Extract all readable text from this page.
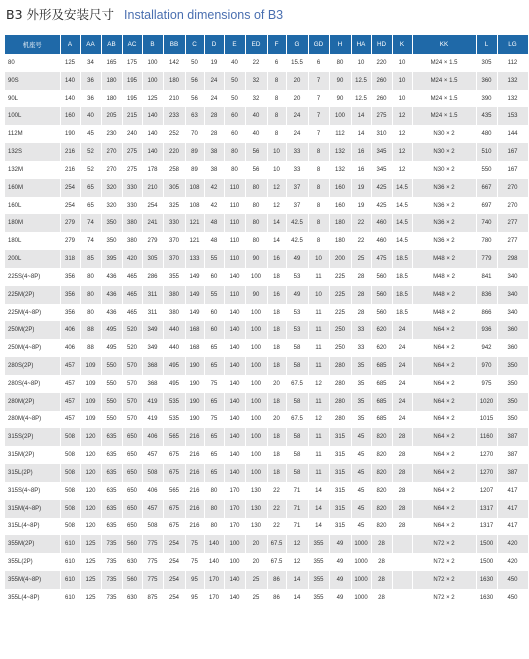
B3 外形及安装尺寸 Installation dimensions of B3
机座号	A	AA	AB	AC	B	BB	C	D	E	ED	F	G	GD	H	HA	HD	K	KK	L	LG
80	125	34	165	175	100	142	50	19	40	22	6	15.5	6	80	10	220	10	M24 × 1.5	305	112
90S	140	36	180	195	100	180	56	24	50	32	8	20	7	90	12.5	260	10	M24 × 1.5	360	132
90L	140	36	180	195	125	210	56	24	50	32	8	20	7	90	12.5	260	10	M24 × 1.5	390	132
100L	160	40	205	215	140	233	63	28	60	40	8	24	7	100	14	275	12	M24 × 1.5	435	153
112M	190	45	230	240	140	252	70	28	60	40	8	24	7	112	14	310	12	N30 × 2	480	144
132S	216	52	270	275	140	220	89	38	80	56	10	33	8	132	16	345	12	N30 × 2	510	167
132M	216	52	270	275	178	258	89	38	80	56	10	33	8	132	16	345	12	N30 × 2	550	167
160M	254	65	320	330	210	305	108	42	110	80	12	37	8	160	19	425	14.5	N36 × 2	667	270
160L	254	65	320	330	254	325	108	42	110	80	12	37	8	160	19	425	14.5	N36 × 2	697	270
180M	279	74	350	380	241	330	121	48	110	80	14	42.5	8	180	22	460	14.5	N36 × 2	740	277
180L	279	74	350	380	279	370	121	48	110	80	14	42.5	8	180	22	460	14.5	N36 × 2	780	277
200L	318	85	395	420	305	370	133	55	110	90	16	49	10	200	25	475	18.5	M48 × 2	779	298
225S(4~8P)	356	80	436	465	286	355	149	60	140	100	18	53	11	225	28	560	18.5	M48 × 2	841	340
225M(2P)	356	80	436	465	311	380	149	55	110	90	16	49	10	225	28	560	18.5	M48 × 2	836	340
225M(4~8P)	356	80	436	465	311	380	149	60	140	100	18	53	11	225	28	560	18.5	M48 × 2	866	340
250M(2P)	406	88	495	520	349	440	168	60	140	100	18	53	11	250	33	620	24	N64 × 2	936	360
250M(4~8P)	406	88	495	520	349	440	168	65	140	100	18	58	11	250	33	620	24	N64 × 2	942	360
280S(2P)	457	109	550	570	368	495	190	65	140	100	18	58	11	280	35	685	24	N64 × 2	970	350
280S(4~8P)	457	109	550	570	368	495	190	75	140	100	20	67.5	12	280	35	685	24	N64 × 2	975	350
280M(2P)	457	109	550	570	419	535	190	65	140	100	18	58	11	280	35	685	24	N64 × 2	1020	350
280M(4~8P)	457	109	550	570	419	535	190	75	140	100	20	67.5	12	280	35	685	24	N64 × 2	1015	350
315S(2P)	508	120	635	650	406	565	216	65	140	100	18	58	11	315	45	820	28	N64 × 2	1160	387
315M(2P)	508	120	635	650	457	675	216	65	140	100	18	58	11	315	45	820	28	N64 × 2	1270	387
315L(2P)	508	120	635	650	508	675	216	65	140	100	18	58	11	315	45	820	28	N64 × 2	1270	387
315S(4~8P)	508	120	635	650	406	565	216	80	170	130	22	71	14	315	45	820	28	N64 × 2	1207	417
315M(4~8P)	508	120	635	650	457	675	216	80	170	130	22	71	14	315	45	820	28	N64 × 2	1317	417
315L(4~8P)	508	120	635	650	508	675	216	80	170	130	22	71	14	315	45	820	28	N64 × 2	1317	417
355M(2P)	610	125	735	560	775	254	75	140	100	20	67.5	12	355	49	1000	28		N72 × 2	1500	420
355L(2P)	610	125	735	630	775	254	75	140	100	20	67.5	12	355	49	1000	28		N72 × 2	1500	420
355M(4~8P)	610	125	735	560	775	254	95	170	140	25	86	14	355	49	1000	28		N72 × 2	1630	450
355L(4~8P)	610	125	735	630	875	254	95	170	140	25	86	14	355	49	1000	28		N72 × 2	1630	450
